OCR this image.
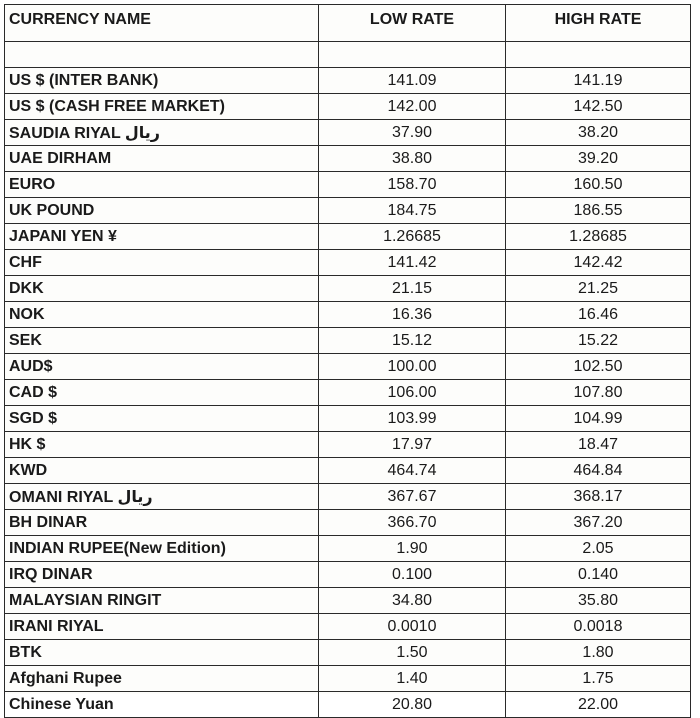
CURRENCY NAME	LOW RATE	HIGH RATE

US $ (INTER BANK)	141.09	141.19
US $ (CASH FREE MARKET)	142.00	142.50
SAUDIA RIYAL ریال	37.90	38.20
UAE DIRHAM	38.80	39.20
EURO	158.70	160.50
UK POUND	184.75	186.55
JAPANI YEN ¥	1.26685	1.28685
CHF	141.42	142.42
DKK	21.15	21.25
NOK	16.36	16.46
SEK	15.12	15.22
AUD$	100.00	102.50
CAD $	106.00	107.80
SGD $	103.99	104.99
HK $	17.97	18.47
KWD	464.74	464.84
OMANI RIYAL ریال	367.67	368.17
BH DINAR	366.70	367.20
INDIAN RUPEE(New Edition)	1.90	2.05
IRQ DINAR	0.100	0.140
MALAYSIAN RINGIT	34.80	35.80
IRANI RIYAL	0.0010	0.0018
BTK	1.50	1.80
Afghani Rupee	1.40	1.75
Chinese Yuan	20.80	22.00
